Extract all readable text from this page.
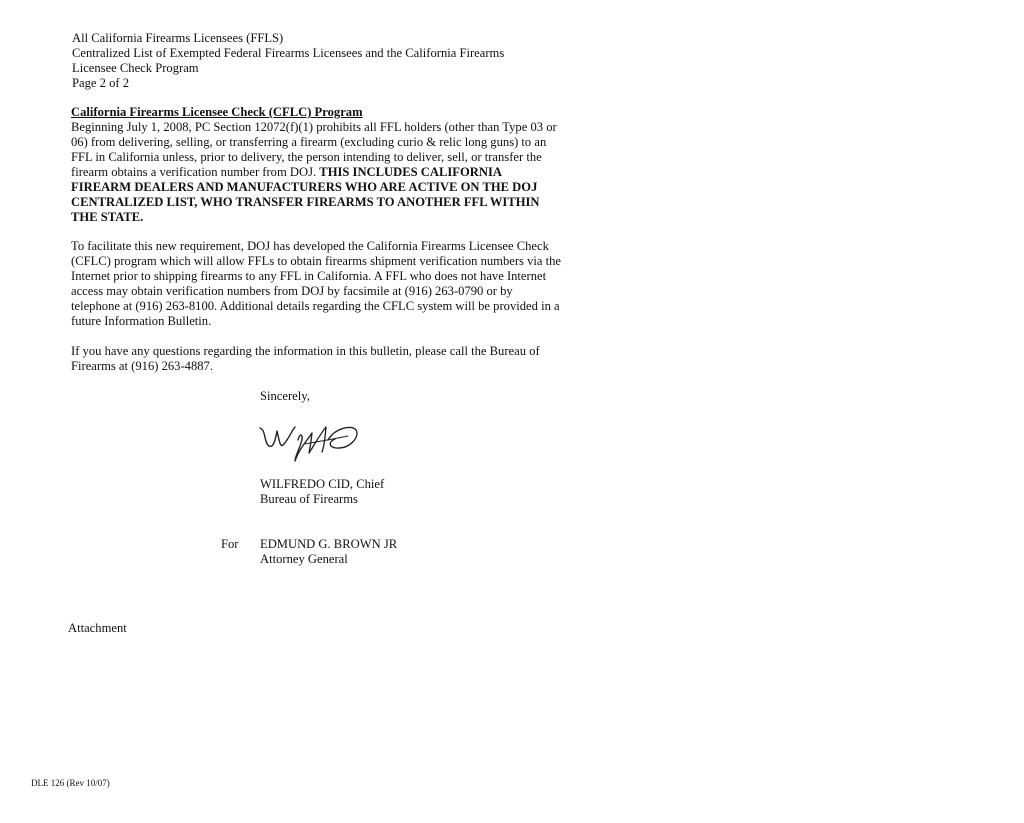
All California Firearms Licensees (FFLS)
Centralized List of Exempted Federal Firearms Licensees and the California Firearms
Licensee Check Program
Page 2 of 2
California Firearms Licensee Check (CFLC) Program
Beginning July 1, 2008, PC Section 12072(f)(1) prohibits all FFL holders (other than Type 03 or
06) from delivering, selling, or transferring a firearm (excluding curio & relic long guns) to an
FFL in California unless, prior to delivery, the person intending to deliver, sell, or transfer the
firearm obtains a verification number from DOJ. THIS INCLUDES CALIFORNIA
FIREARM DEALERS AND MANUFACTURERS WHO ARE ACTIVE ON THE DOJ
CENTRALIZED LIST, WHO TRANSFER FIREARMS TO ANOTHER FFL WITHIN
THE STATE.
To facilitate this new requirement, DOJ has developed the California Firearms Licensee Check
(CFLC) program which will allow FFLs to obtain firearms shipment verification numbers via the
Internet prior to shipping firearms to any FFL in California. A FFL who does not have Internet
access may obtain verification numbers from DOJ by facsimile at (916) 263-0790 or by
telephone at (916) 263-8100. Additional details regarding the CFLC system will be provided in a
future Information Bulletin.
If you have any questions regarding the information in this bulletin, please call the Bureau of
Firearms at (916) 263-4887.
Sincerely,
WILFREDO CID, Chief
Bureau of Firearms
For EDMUND G. BROWN JR
Attorney General
Attachment
DLE 126 (Rev 10/07)
